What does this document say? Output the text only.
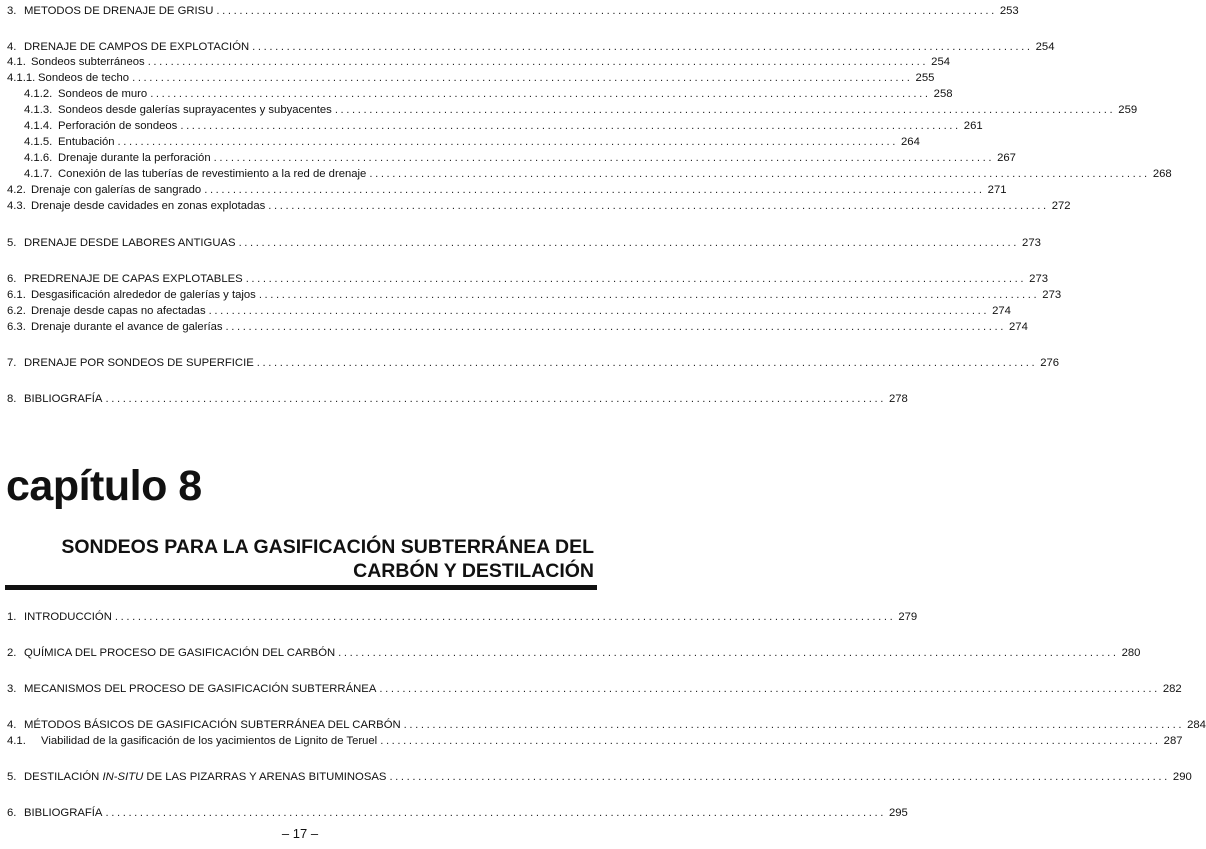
3. METODOS DE DRENAJE DE GRISU ........................................................................................................................................ 253
4. DRENAJE DE CAMPOS DE EXPLOTACIÓN ........................................................................................................................................ 254
4.1. Sondeos subterráneos ........................................................................................................................................ 254
4.1.1. Sondeos de techo ........................................................................................................................................ 255
4.1.2. Sondeos de muro ........................................................................................................................................ 258
4.1.3. Sondeos desde galerías suprayacentes y subyacentes ........................................................................................................................................ 259
4.1.4. Perforación de sondeos ........................................................................................................................................ 261
4.1.5. Entubación ........................................................................................................................................ 264
4.1.6. Drenaje durante la perforación ........................................................................................................................................ 267
4.1.7. Conexión de las tuberías de revestimiento a la red de drenaje ........................................................................................................................................ 268
4.2. Drenaje con galerías de sangrado ........................................................................................................................................ 271
4.3. Drenaje desde cavidades en zonas explotadas ........................................................................................................................................ 272
5. DRENAJE DESDE LABORES ANTIGUAS ........................................................................................................................................ 273
6. PREDRENAJE DE CAPAS EXPLOTABLES ........................................................................................................................................ 273
6.1. Desgasificación alrededor de galerías y tajos ........................................................................................................................................ 273
6.2. Drenaje desde capas no afectadas ........................................................................................................................................ 274
6.3. Drenaje durante el avance de galerías ........................................................................................................................................ 274
7. DRENAJE POR SONDEOS DE SUPERFICIE ........................................................................................................................................ 276
8. BIBLIOGRAFÍA ........................................................................................................................................ 278
capítulo 8
SONDEOS PARA LA GASIFICACIÓN SUBTERRÁNEA DEL
CARBÓN Y DESTILACIÓN
1. INTRODUCCIÓN ........................................................................................................................................ 279
2. QUÍMICA DEL PROCESO DE GASIFICACIÓN DEL CARBÓN ........................................................................................................................................ 280
3. MECANISMOS DEL PROCESO DE GASIFICACIÓN SUBTERRÁNEA ........................................................................................................................................ 282
4. MÉTODOS BÁSICOS DE GASIFICACIÓN SUBTERRÁNEA DEL CARBÓN ........................................................................................................................................ 284
4.1.	Viabilidad de la gasificación de los yacimientos de Lignito de Teruel ........................................................................................................................................ 287
5. DESTILACIÓN IN-SITU DE LAS PIZARRAS Y ARENAS BITUMINOSAS ........................................................................................................................................ 290
6. BIBLIOGRAFÍA ........................................................................................................................................ 295
– 17 –
